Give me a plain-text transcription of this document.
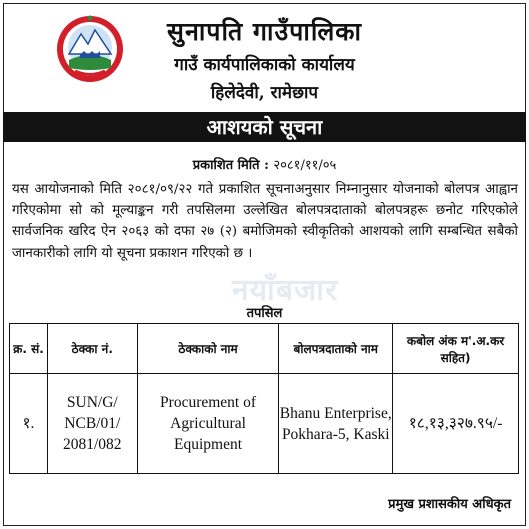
सुनापति गाउँपालिका
गाउँ कार्यपालिकाको कार्यालय
हिलेदेवी, रामेछाप
आशयको सूचना
प्रकाशित मिति : २०८१/११/०५
यस आयोजनाको मिति २०८१/०९/२२ गते प्रकाशित सूचनाअनुसार निम्नानुसार योजनाको बोलपत्र आह्वान गरिएकोमा सो को मूल्याङ्कन गरी तपसिलमा उल्लेखित बोलपत्रदाताको बोलपत्रहरू छनोट गरिएकोले सार्वजनिक खरिद ऐन २०६३ को दफा २७ (२) बमोजिमको स्वीकृतिको आशयको लागि सम्बन्धित सबैको जानकारीको लागि यो सूचना प्रकाशन गरिएको छ ।
नयाँबजार
तपसिल
क्र. सं.	ठेक्का नं.	ठेक्काको नाम	बोलपत्रदाताको नाम	कबोल अंक म'.अ.कर सहित)
१.	SUN/G/ NCB/01/ 2081/082	Procurement of Agricultural Equipment	Bhanu Enterprise, Pokhara-5, Kaski	१८,१३,३२७.९५/-
प्रमुख प्रशासकीय अधिकृत
